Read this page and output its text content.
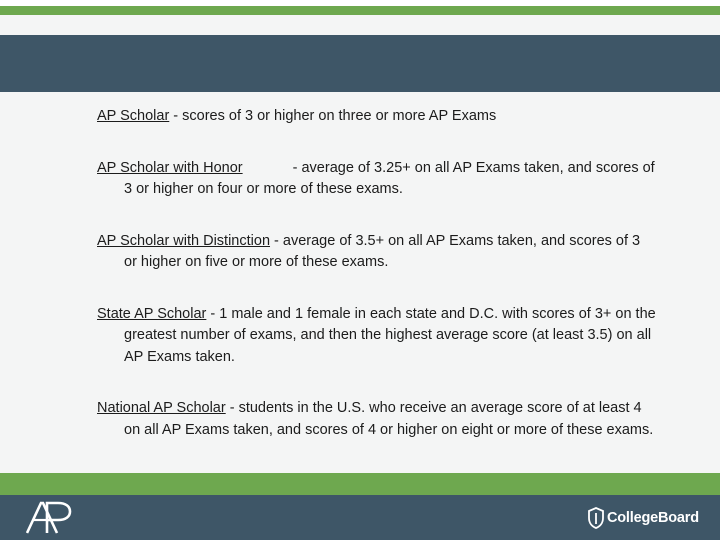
AP Scholar - scores of 3 or higher on three or more AP Exams

AP Scholar with Honor	- average of 3.25+ on all AP Exams taken, and scores of 3 or higher on four or more of these exams.

AP Scholar with Distinction - average of 3.5+ on all AP Exams taken, and scores of 3 or higher on five or more of these exams.

State AP Scholar - 1 male and 1 female in each state and D.C. with scores of 3+ on the greatest number of exams, and then the highest average score (at least 3.5) on all AP Exams taken.

National AP Scholar - students in the U.S. who receive an average score of at least 4 on all AP Exams taken, and scores of 4 or higher on eight or more of these exams.

CollegeBoard
